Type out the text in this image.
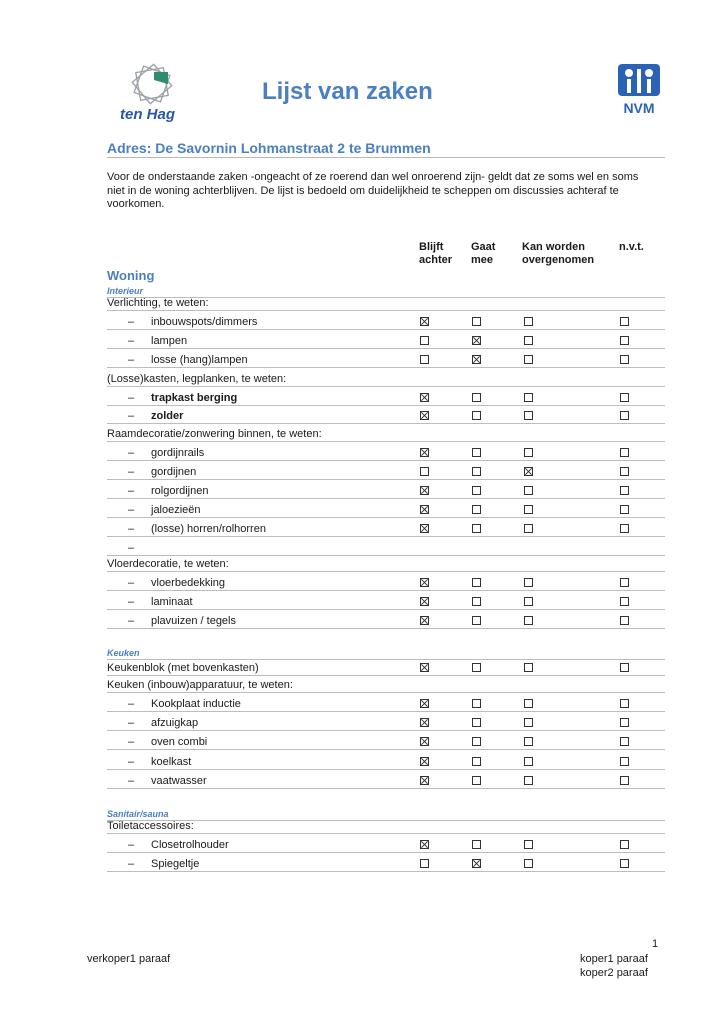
ten Hag
Lijst van zaken
NVM
Adres: De Savornin Lohmanstraat 2 te Brummen
Voor de onderstaande zaken -ongeacht of ze roerend dan wel onroerend zijn- geldt dat ze soms wel en soms niet in de woning achterblijven. De lijst is bedoeld om duidelijkheid te scheppen om discussies achteraf te voorkomen.
Blijft
achter
Gaat
mee
Kan worden
overgenomen
n.v.t.
Woning
Interieur
Verlichting, te weten:
– inbouwspots/dimmers
– lampen
– losse (hang)lampen
(Losse)kasten, legplanken, te weten:
– trapkast berging
– zolder
Raamdecoratie/zonwering binnen, te weten:
– gordijnrails
– gordijnen
– rolgordijnen
– jaloezieën
– (losse) horren/rolhorren
–
Vloerdecoratie, te weten:
– vloerbedekking
– laminaat
– plavuizen / tegels
Keuken
Keukenblok (met bovenkasten)
Keuken (inbouw)apparatuur, te weten:
– Kookplaat inductie
– afzuigkap
– oven combi
– koelkast
– vaatwasser
Sanitair/sauna
Toiletaccessoires:
– Closetrolhouder
– Spiegeltje
1
verkoper1 paraaf	koper1 paraaf
koper2 paraaf
